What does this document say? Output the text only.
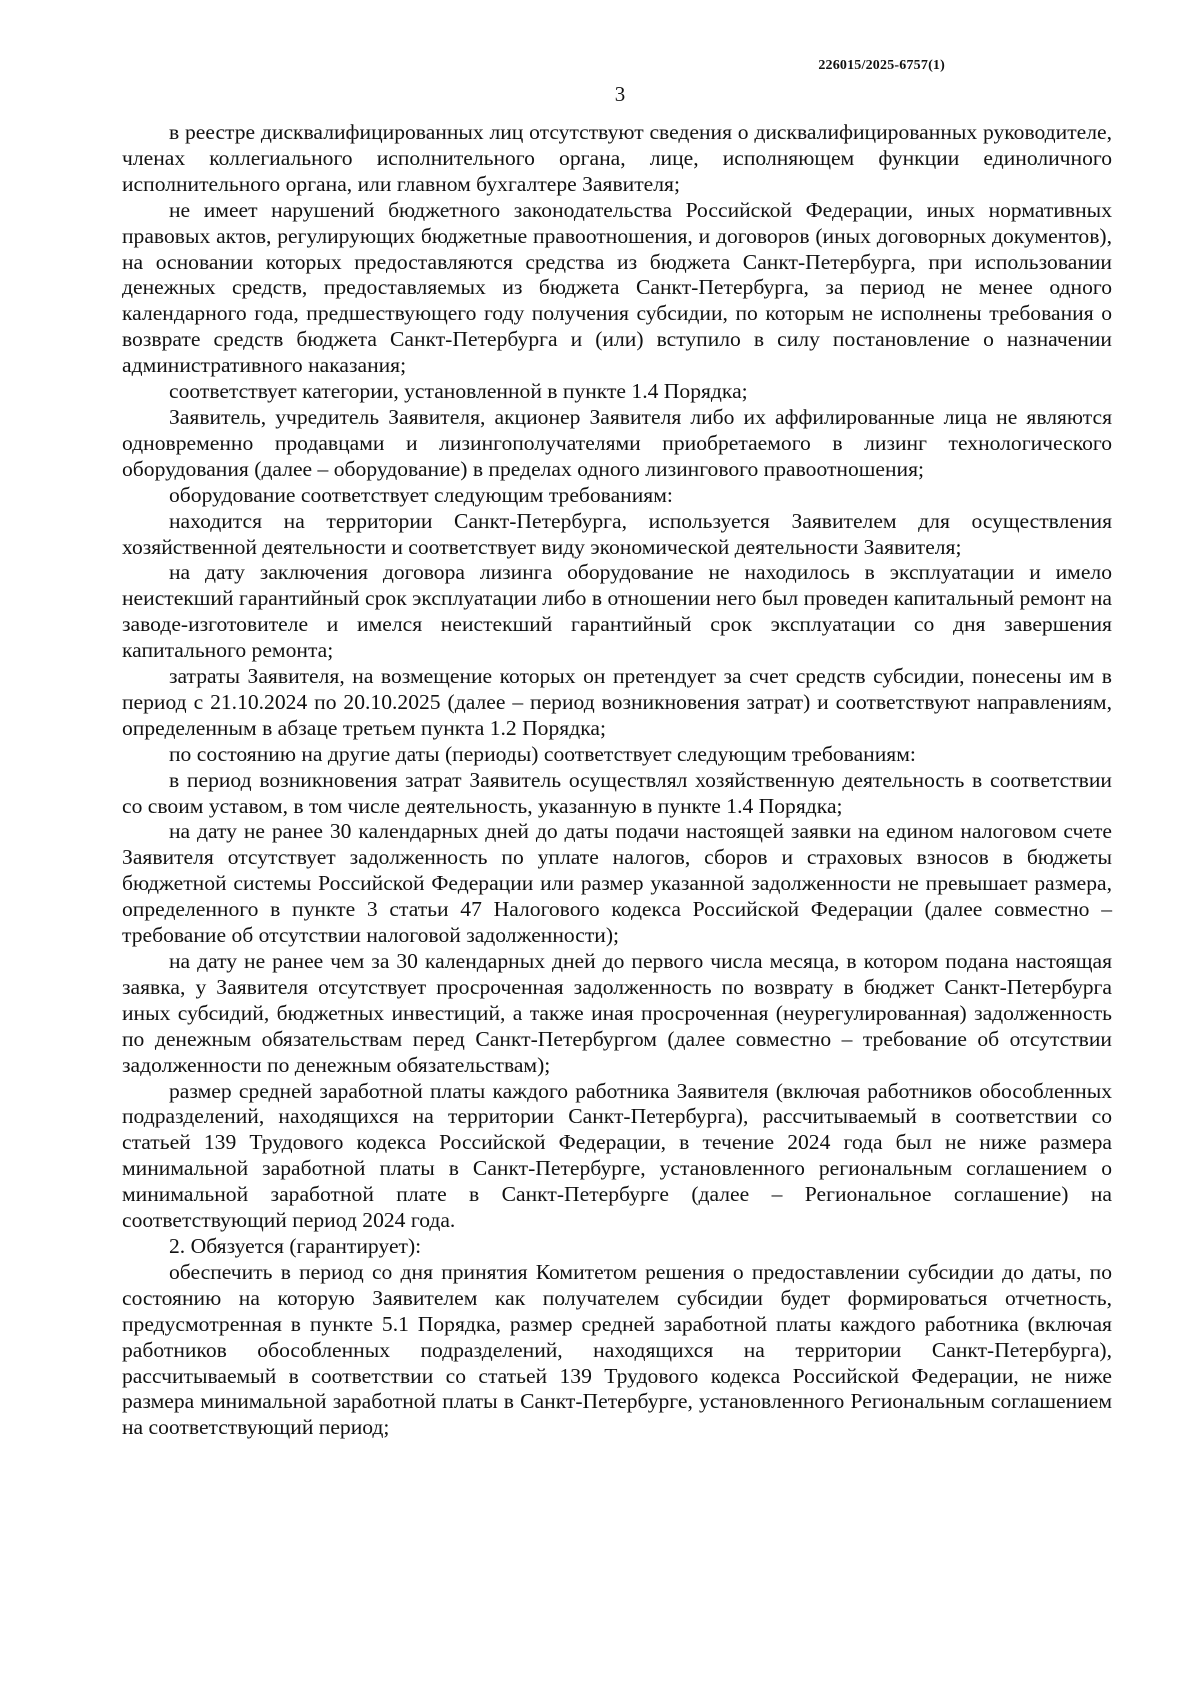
226015/2025-6757(1)
3

в реестре дисквалифицированных лиц отсутствуют сведения о дисквалифицированных руководителе, членах коллегиального исполнительного органа, лице, исполняющем функции единоличного исполнительного органа, или главном бухгалтере Заявителя;

не имеет нарушений бюджетного законодательства Российской Федерации, иных нормативных правовых актов, регулирующих бюджетные правоотношения, и договоров (иных договорных документов), на основании которых предоставляются средства из бюджета Санкт-Петербурга, при использовании денежных средств, предоставляемых из бюджета Санкт-Петербурга, за период не менее одного календарного года, предшествующего году получения субсидии, по которым не исполнены требования о возврате средств бюджета Санкт-Петербурга и (или) вступило в силу постановление о назначении административного наказания;

соответствует категории, установленной в пункте 1.4 Порядка;

Заявитель, учредитель Заявителя, акционер Заявителя либо их аффилированные лица не являются одновременно продавцами и лизингополучателями приобретаемого в лизинг технологического оборудования (далее – оборудование) в пределах одного лизингового правоотношения;

оборудование соответствует следующим требованиям:

находится на территории Санкт-Петербурга, используется Заявителем для осуществления хозяйственной деятельности и соответствует виду экономической деятельности Заявителя;

на дату заключения договора лизинга оборудование не находилось в эксплуатации и имело неистекший гарантийный срок эксплуатации либо в отношении него был проведен капитальный ремонт на заводе-изготовителе и имелся неистекший гарантийный срок эксплуатации со дня завершения капитального ремонта;

затраты Заявителя, на возмещение которых он претендует за счет средств субсидии, понесены им в период с 21.10.2024 по 20.10.2025 (далее – период возникновения затрат) и соответствуют направлениям, определенным в абзаце третьем пункта 1.2 Порядка;

по состоянию на другие даты (периоды) соответствует следующим требованиям:

в период возникновения затрат Заявитель осуществлял хозяйственную деятельность в соответствии со своим уставом, в том числе деятельность, указанную в пункте 1.4 Порядка;

на дату не ранее 30 календарных дней до даты подачи настоящей заявки на едином налоговом счете Заявителя отсутствует задолженность по уплате налогов, сборов и страховых взносов в бюджеты бюджетной системы Российской Федерации или размер указанной задолженности не превышает размера, определенного в пункте 3 статьи 47 Налогового кодекса Российской Федерации (далее совместно – требование об отсутствии налоговой задолженности);

на дату не ранее чем за 30 календарных дней до первого числа месяца, в котором подана настоящая заявка, у Заявителя отсутствует просроченная задолженность по возврату в бюджет Санкт-Петербурга иных субсидий, бюджетных инвестиций, а также иная просроченная (неурегулированная) задолженность по денежным обязательствам перед Санкт-Петербургом (далее совместно – требование об отсутствии задолженности по денежным обязательствам);

размер средней заработной платы каждого работника Заявителя (включая работников обособленных подразделений, находящихся на территории Санкт-Петербурга), рассчитываемый в соответствии со статьей 139 Трудового кодекса Российской Федерации, в течение 2024 года был не ниже размера минимальной заработной платы в Санкт-Петербурге, установленного региональным соглашением о минимальной заработной плате в Санкт-Петербурге (далее – Региональное соглашение) на соответствующий период 2024 года.

2. Обязуется (гарантирует):

обеспечить в период со дня принятия Комитетом решения о предоставлении субсидии до даты, по состоянию на которую Заявителем как получателем субсидии будет формироваться отчетность, предусмотренная в пункте 5.1 Порядка, размер средней заработной платы каждого работника (включая работников обособленных подразделений, находящихся на территории Санкт-Петербурга), рассчитываемый в соответствии со статьей 139 Трудового кодекса Российской Федерации, не ниже размера минимальной заработной платы в Санкт-Петербурге, установленного Региональным соглашением на соответствующий период;
